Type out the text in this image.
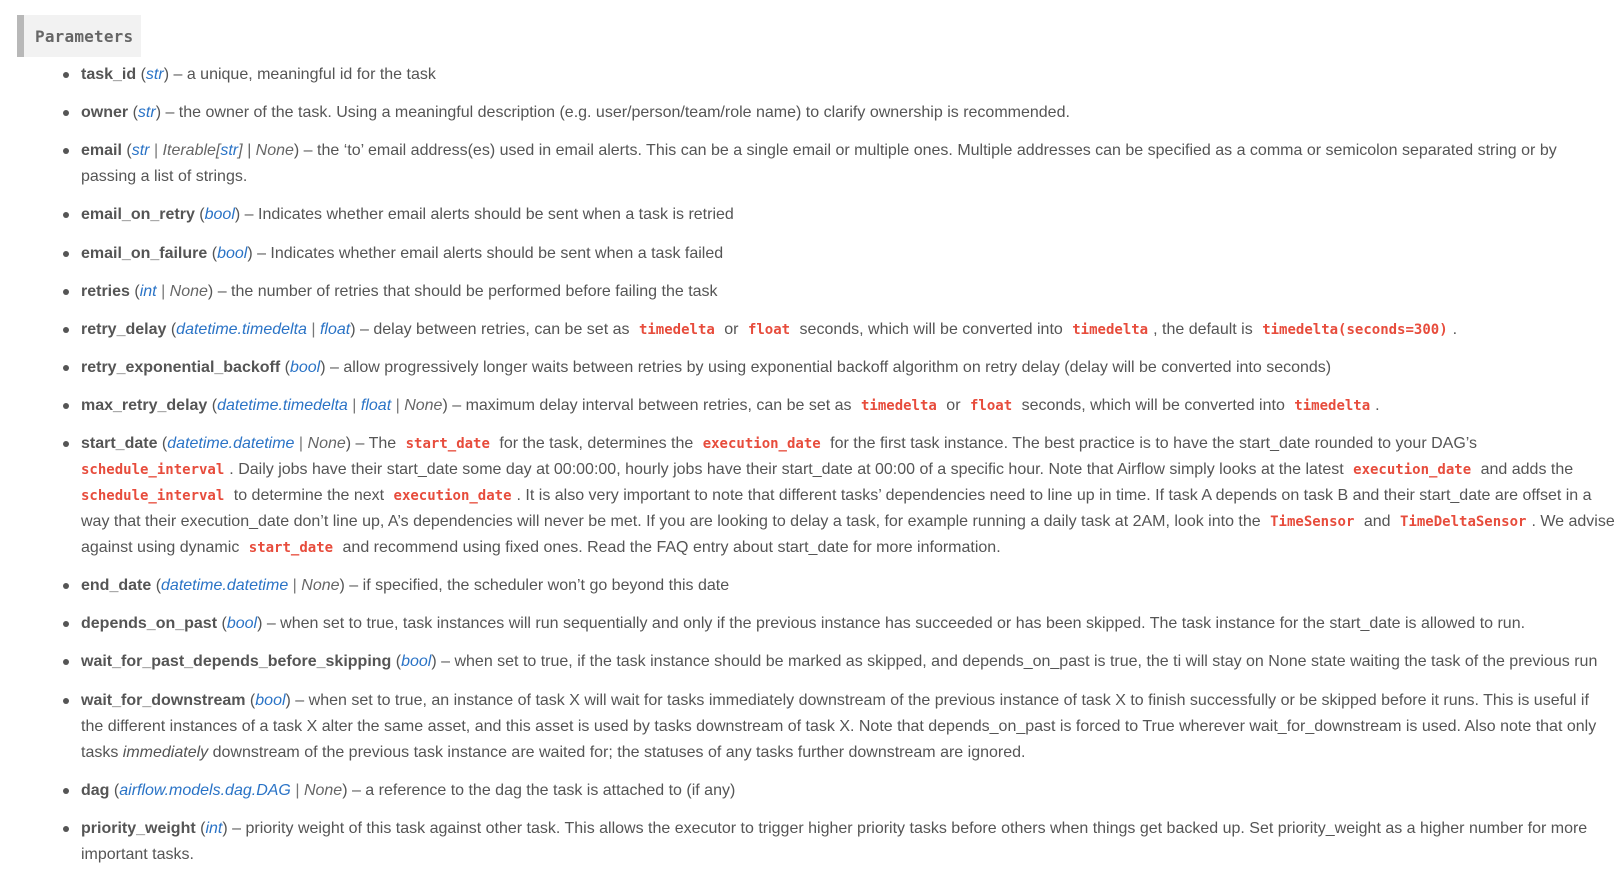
Parameters
task_id (str) – a unique, meaningful id for the task
owner (str) – the owner of the task. Using a meaningful description (e.g. user/person/team/role name) to clarify ownership is recommended.
email (str | Iterable[str] | None) – the ‘to’ email address(es) used in email alerts. This can be a single email or multiple ones. Multiple addresses can be specified as a comma or semicolon separated string or by
passing a list of strings.
email_on_retry (bool) – Indicates whether email alerts should be sent when a task is retried
email_on_failure (bool) – Indicates whether email alerts should be sent when a task failed
retries (int | None) – the number of retries that should be performed before failing the task
retry_delay (datetime.timedelta | float) – delay between retries, can be set as timedelta or float seconds, which will be converted into timedelta , the default is timedelta(seconds=300) .
retry_exponential_backoff (bool) – allow progressively longer waits between retries by using exponential backoff algorithm on retry delay (delay will be converted into seconds)
max_retry_delay (datetime.timedelta | float | None) – maximum delay interval between retries, can be set as timedelta or float seconds, which will be converted into timedelta .
start_date (datetime.datetime | None) – The start_date for the task, determines the execution_date for the first task instance. The best practice is to have the start_date rounded to your DAG’s
schedule_interval . Daily jobs have their start_date some day at 00:00:00, hourly jobs have their start_date at 00:00 of a specific hour. Note that Airflow simply looks at the latest execution_date and adds the
schedule_interval to determine the next execution_date . It is also very important to note that different tasks’ dependencies need to line up in time. If task A depends on task B and their start_date are offset in a
way that their execution_date don’t line up, A’s dependencies will never be met. If you are looking to delay a task, for example running a daily task at 2AM, look into the TimeSensor and TimeDeltaSensor . We advise
against using dynamic start_date and recommend using fixed ones. Read the FAQ entry about start_date for more information.
end_date (datetime.datetime | None) – if specified, the scheduler won’t go beyond this date
depends_on_past (bool) – when set to true, task instances will run sequentially and only if the previous instance has succeeded or has been skipped. The task instance for the start_date is allowed to run.
wait_for_past_depends_before_skipping (bool) – when set to true, if the task instance should be marked as skipped, and depends_on_past is true, the ti will stay on None state waiting the task of the previous run
wait_for_downstream (bool) – when set to true, an instance of task X will wait for tasks immediately downstream of the previous instance of task X to finish successfully or be skipped before it runs. This is useful if
the different instances of a task X alter the same asset, and this asset is used by tasks downstream of task X. Note that depends_on_past is forced to True wherever wait_for_downstream is used. Also note that only
tasks immediately downstream of the previous task instance are waited for; the statuses of any tasks further downstream are ignored.
dag (airflow.models.dag.DAG | None) – a reference to the dag the task is attached to (if any)
priority_weight (int) – priority weight of this task against other task. This allows the executor to trigger higher priority tasks before others when things get backed up. Set priority_weight as a higher number for more
important tasks.
